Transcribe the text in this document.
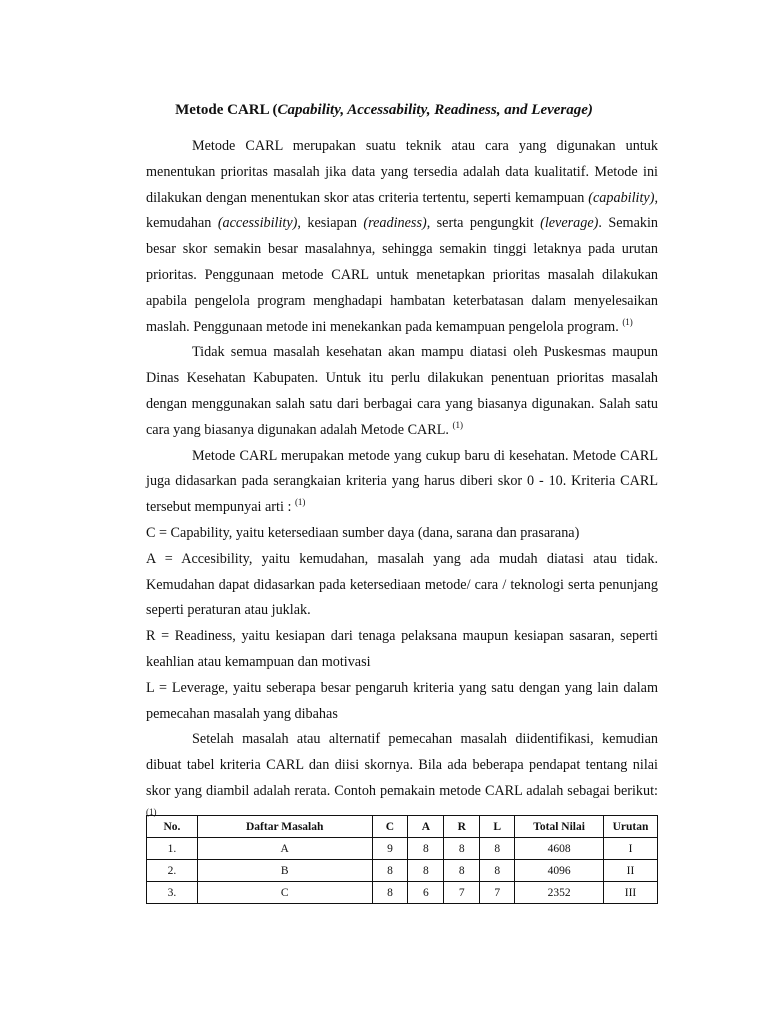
Metode CARL (Capability, Accessability, Readiness, and Leverage)

Metode CARL merupakan suatu teknik atau cara yang digunakan untuk menentukan prioritas masalah jika data yang tersedia adalah data kualitatif. Metode ini dilakukan dengan menentukan skor atas criteria tertentu, seperti kemampuan (capability), kemudahan (accessibility), kesiapan (readiness), serta pengungkit (leverage). Semakin besar skor semakin besar masalahnya, sehingga semakin tinggi letaknya pada urutan prioritas. Penggunaan metode CARL untuk menetapkan prioritas masalah dilakukan apabila pengelola program menghadapi hambatan keterbatasan dalam menyelesaikan maslah. Penggunaan metode ini menekankan pada kemampuan pengelola program. $^{(1)}$

Tidak semua masalah kesehatan akan mampu diatasi oleh Puskesmas maupun Dinas Kesehatan Kabupaten. Untuk itu perlu dilakukan penentuan prioritas masalah dengan menggunakan salah satu dari berbagai cara yang biasanya digunakan. Salah satu cara yang biasanya digunakan adalah Metode CARL. $^{(1)}$

Metode CARL merupakan metode yang cukup baru di kesehatan. Metode CARL juga didasarkan pada serangkaian kriteria yang harus diberi skor 0 - 10. Kriteria CARL tersebut mempunyai arti : $^{(1)}$

C = Capability, yaitu ketersediaan sumber daya (dana, sarana dan prasarana)

A = Accesibility, yaitu kemudahan, masalah yang ada mudah diatasi atau tidak. Kemudahan dapat didasarkan pada ketersediaan metode/ cara / teknologi serta penunjang seperti peraturan atau juklak.

R = Readiness, yaitu kesiapan dari tenaga pelaksana maupun kesiapan sasaran, seperti keahlian atau kemampuan dan motivasi

L = Leverage, yaitu seberapa besar pengaruh kriteria yang satu dengan yang lain dalam pemecahan masalah yang dibahas

Setelah masalah atau alternatif pemecahan masalah diidentifikasi, kemudian dibuat tabel kriteria CARL dan diisi skornya. Bila ada beberapa pendapat tentang nilai skor yang diambil adalah rerata. Contoh pemakain metode CARL adalah sebagai berikut: $^{(1)}$

No.	Daftar Masalah	C	A	R	L	Total Nilai	Urutan
1.	A	9	8	8	8	4608	I
2.	B	8	8	8	8	4096	II
3.	C	8	6	7	7	2352	III
